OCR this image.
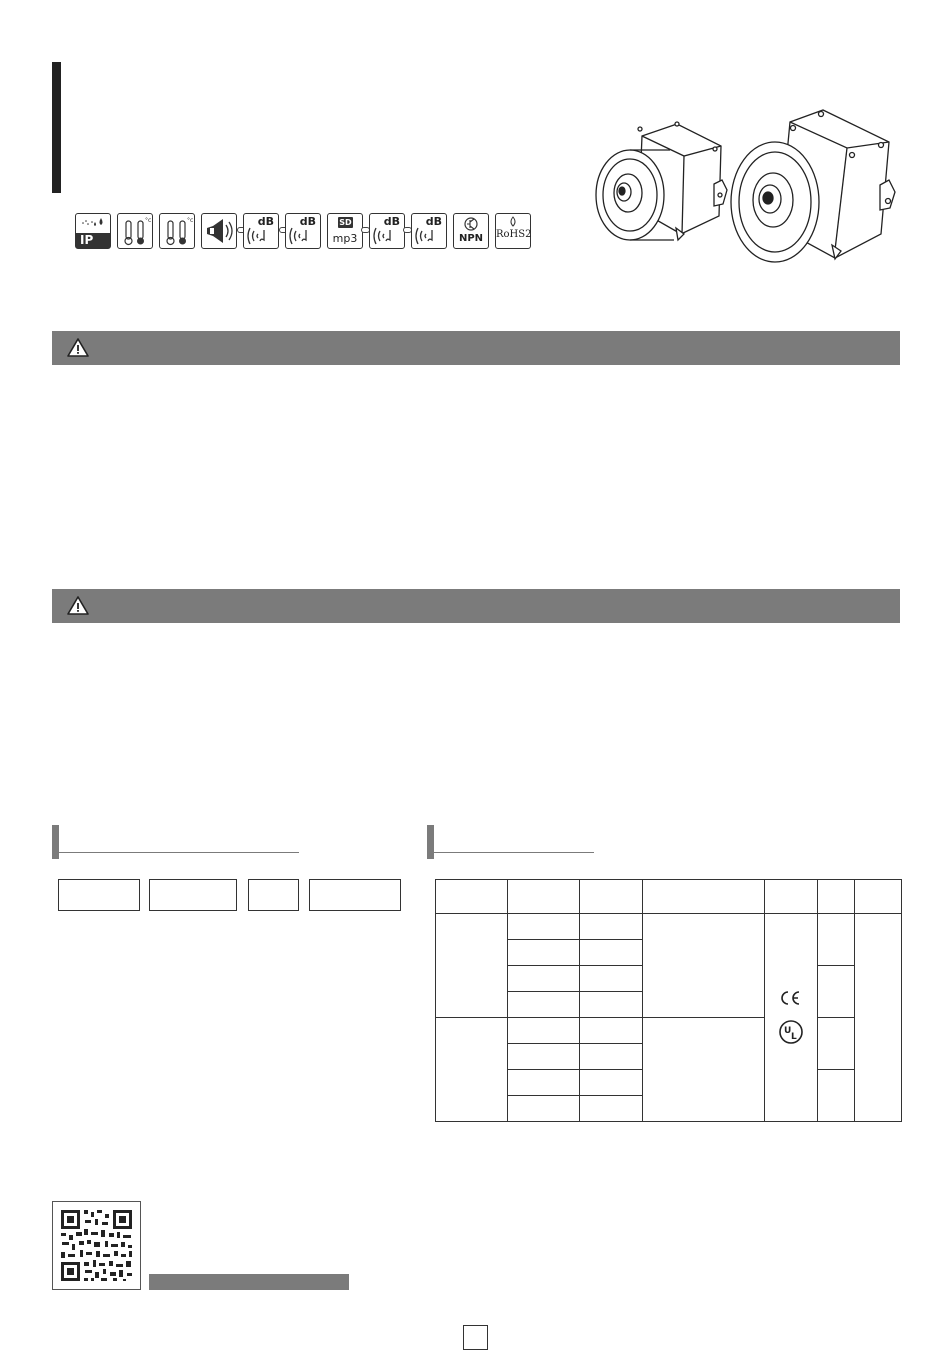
IP
°c	°c	dB dB	SD
mp3
dB dB
NPN	RoHS2

U
L		
